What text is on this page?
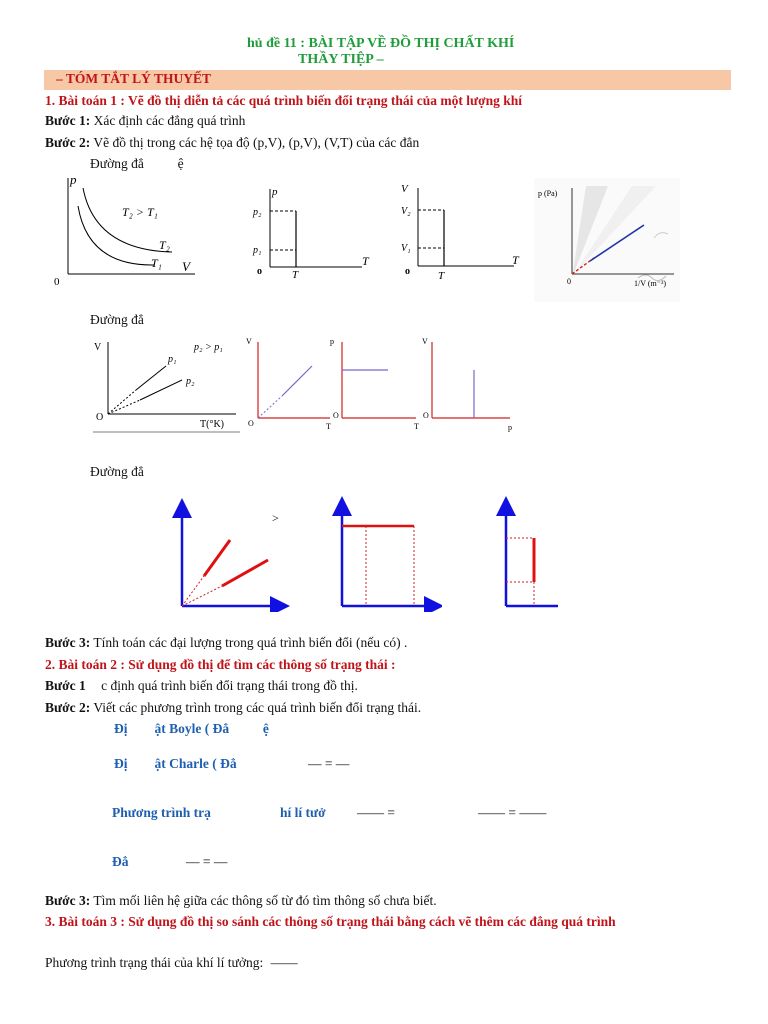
hủ đề 11 : BÀI TẬP VỀ ĐỒ THỊ CHẤT KHÍ
THẦY TIỆP –
– TÓM TẮT LÝ THUYẾT
1. Bài toán 1 : Vẽ đồ thị diễn tả các quá trình biến đổi trạng thái của một lượng khí
Bước 1: Xác định các đẳng quá trình
Bước 2: Vẽ đồ thị trong các hệ tọa độ (p,V), (p,V), (V,T) của các đẳn
Đường đẳ          ệ
p
V
0
T₂ > T₁
T₂
T₁
p
T
o
p₂
p₁
T
V
T
o
V₂
V₁
T
p (Pa)
1/V (m⁻³)
0
Đường đẳ
V
T(°K)
O
p₂ > p₁
p₁
p₂
V
T
O
p
T
O
V
p
O
Đường đẳ
>
Bước 3: Tính toán các đại lượng trong quá trình biến đổi (nếu có) .
2. Bài toán 2 : Sử dụng đồ thị để tìm các thông số trạng thái :
Bước 1 c định quá trình biến đổi trạng thái trong đồ thị.
Bước 2: Viết các phương trình trong các quá trình biến đổi trạng thái.
Đị        ật Boyle ( Đẳ          ệ
Đị        ật Charle ( Đẳ	— = —
Phương trình trạ	hí lí tưở —— =	—— = ——
Đẳ	— = —
Bước 3: Tìm mối liên hệ giữa các thông số từ đó tìm thông số chưa biết.
3. Bài toán 3 : Sử dụng đồ thị so sánh các thông số trạng thái bằng cách vẽ thêm các đẳng quá trình
Phương trình trạng thái của khí lí tưởng: ——
